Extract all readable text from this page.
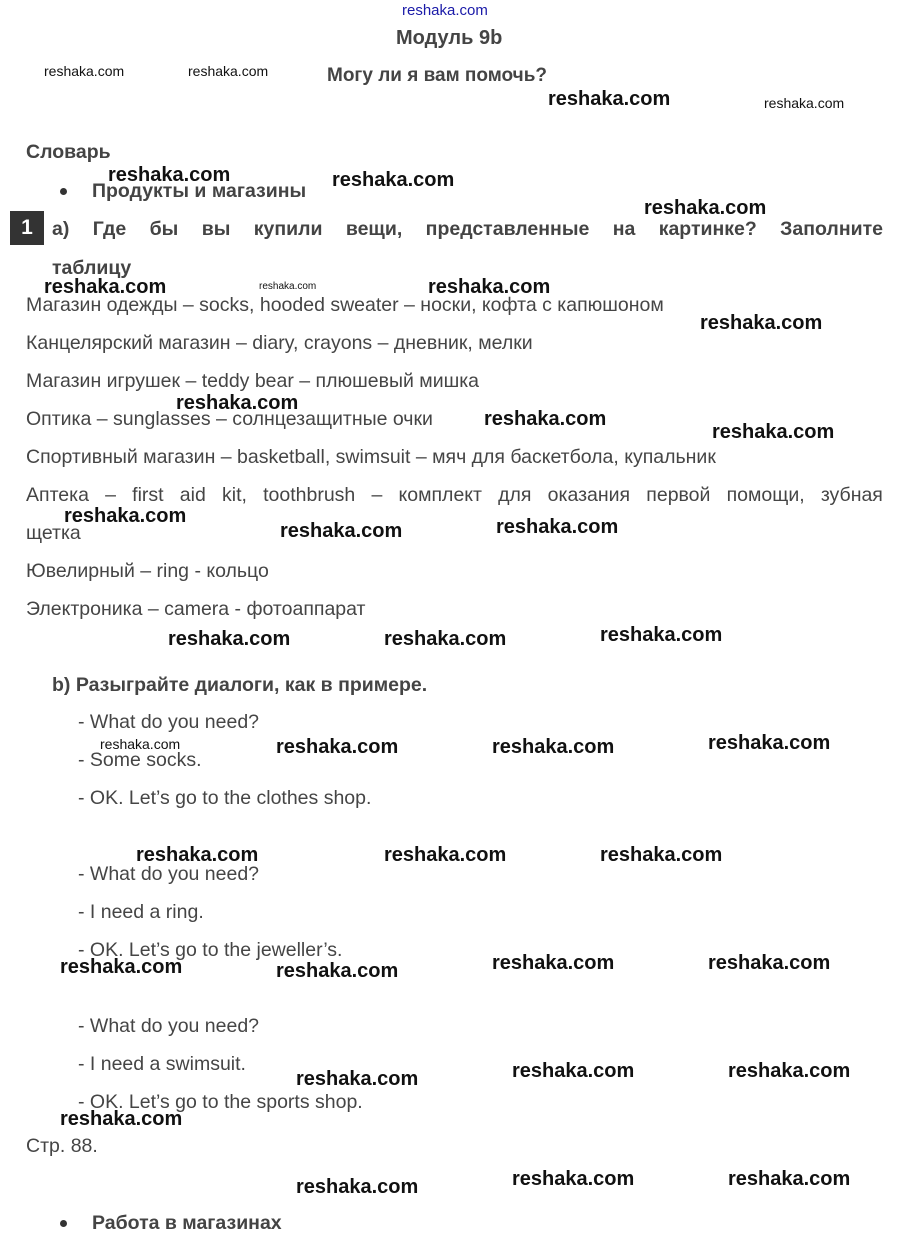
reshaka.com
Модуль 9b
Могу ли я вам помочь?
Словарь
Продукты и магазины
1 а) Где бы вы купили вещи, представленные на картинке? Заполните
таблицу
Магазин одежды – socks, hooded sweater – носки, кофта с капюшоном
Канцелярский магазин – diary, crayons – дневник, мелки
Магазин игрушек – teddy bear – плюшевый мишка
Оптика – sunglasses – солнцезащитные очки
Спортивный магазин – basketball, swimsuit – мяч для баскетбола, купальник
Аптека – first aid kit, toothbrush – комплект для оказания первой помощи, зубная
щетка
Ювелирный – ring - кольцо
Электроника – camera - фотоаппарат
b) Разыграйте диалоги, как в примере.
- What do you need?
- Some socks.
- OK. Let’s go to the clothes shop.
- What do you need?
- I need a ring.
- OK. Let’s go to the jeweller’s.
- What do you need?
- I need a swimsuit.
- OK. Let’s go to the sports shop.
Стр. 88.
Работа в магазинах
reshaka.com	reshaka.com
reshaka.com	reshaka.com
reshaka.com	reshaka.com
reshaka.com
reshaka.com	reshaka.com	reshaka.com
reshaka.com
reshaka.com
reshaka.com
reshaka.com
reshaka.com
reshaka.com	reshaka.com
reshaka.com	reshaka.com	reshaka.com
reshaka.com	reshaka.com	reshaka.com	reshaka.com
reshaka.com	reshaka.com	reshaka.com
reshaka.com	reshaka.com	reshaka.com	reshaka.com
reshaka.com	reshaka.com	reshaka.com
reshaka.com
reshaka.com	reshaka.com	reshaka.com
